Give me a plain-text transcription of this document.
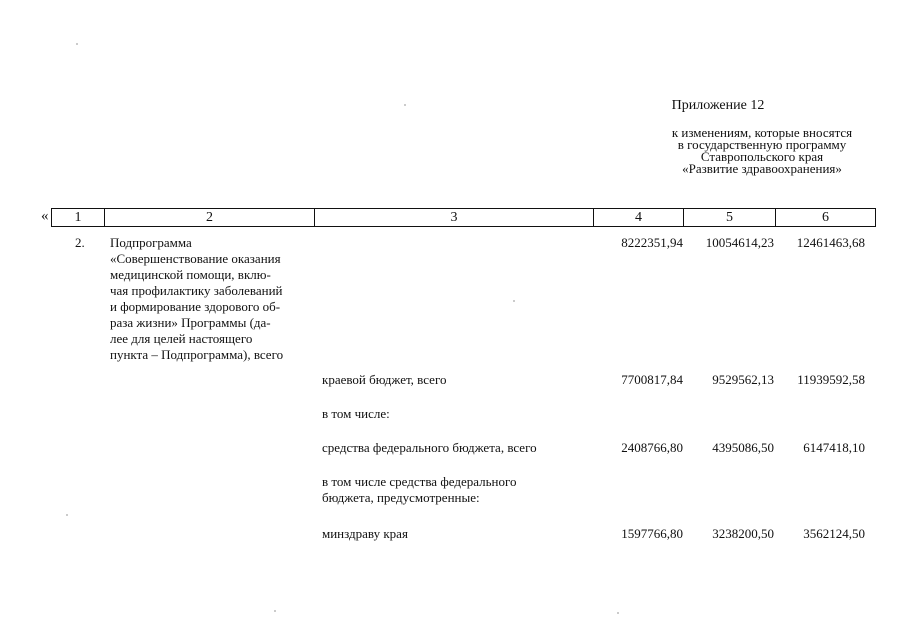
Приложение 12
к изменениям, которые вносятся
в государственную программу
Ставропольского края
«Развитие здравоохранения»
« 1	2	3	4	5	6
2. Подпрограмма
«Совершенствование оказания
медицинской помощи, вклю-
чая профилактику заболеваний
и формирование здорового об-
раза жизни» Программы (да-
лее для целей настоящего
пункта – Подпрограмма), всего
8222351,94 10054614,23 12461463,68
краевой бюджет, всего	7700817,84 9529562,13 11939592,58
в том числе:
средства федерального бюджета, всего	2408766,80 4395086,50 6147418,10
в том числе средства федерального
бюджета, предусмотренные:
минздраву края	1597766,80 3238200,50 3562124,50
